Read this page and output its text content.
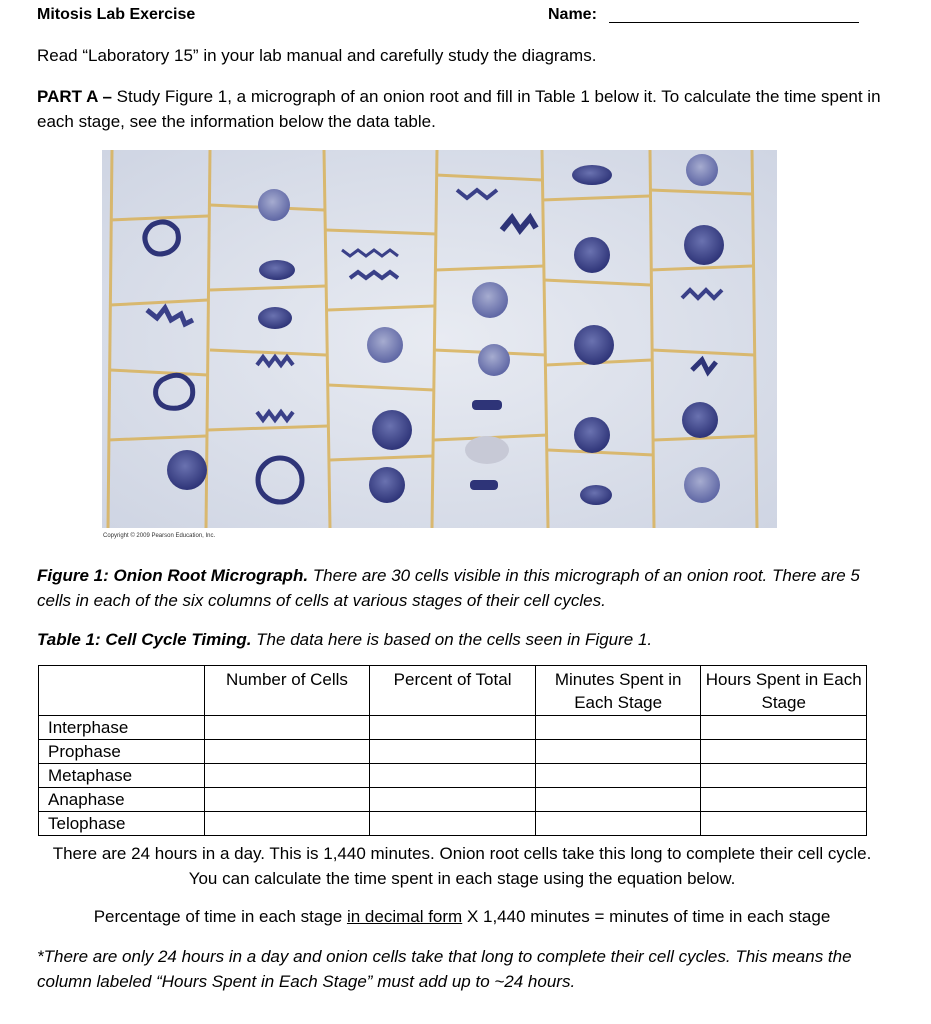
Mitosis Lab Exercise	Name:
Read “Laboratory 15” in your lab manual and carefully study the diagrams.
PART A – Study Figure 1, a micrograph of an onion root and fill in Table 1 below it. To calculate the time spent in each stage, see the information below the data table.
Copyright © 2009 Pearson Education, Inc.
Figure 1: Onion Root Micrograph. There are 30 cells visible in this micrograph of an onion root. There are 5 cells in each of the six columns of cells at various stages of their cell cycles.
Table 1: Cell Cycle Timing. The data here is based on the cells seen in Figure 1.
	Number of Cells	Percent of Total	Minutes Spent in Each Stage	Hours Spent in Each Stage
Interphase				
Prophase				
Metaphase				
Anaphase				
Telophase				
There are 24 hours in a day. This is 1,440 minutes. Onion root cells take this long to complete their cell cycle. You can calculate the time spent in each stage using the equation below.
Percentage of time in each stage in decimal form X 1,440 minutes = minutes of time in each stage
*There are only 24 hours in a day and onion cells take that long to complete their cell cycles. This means the column labeled “Hours Spent in Each Stage” must add up to ~24 hours.
